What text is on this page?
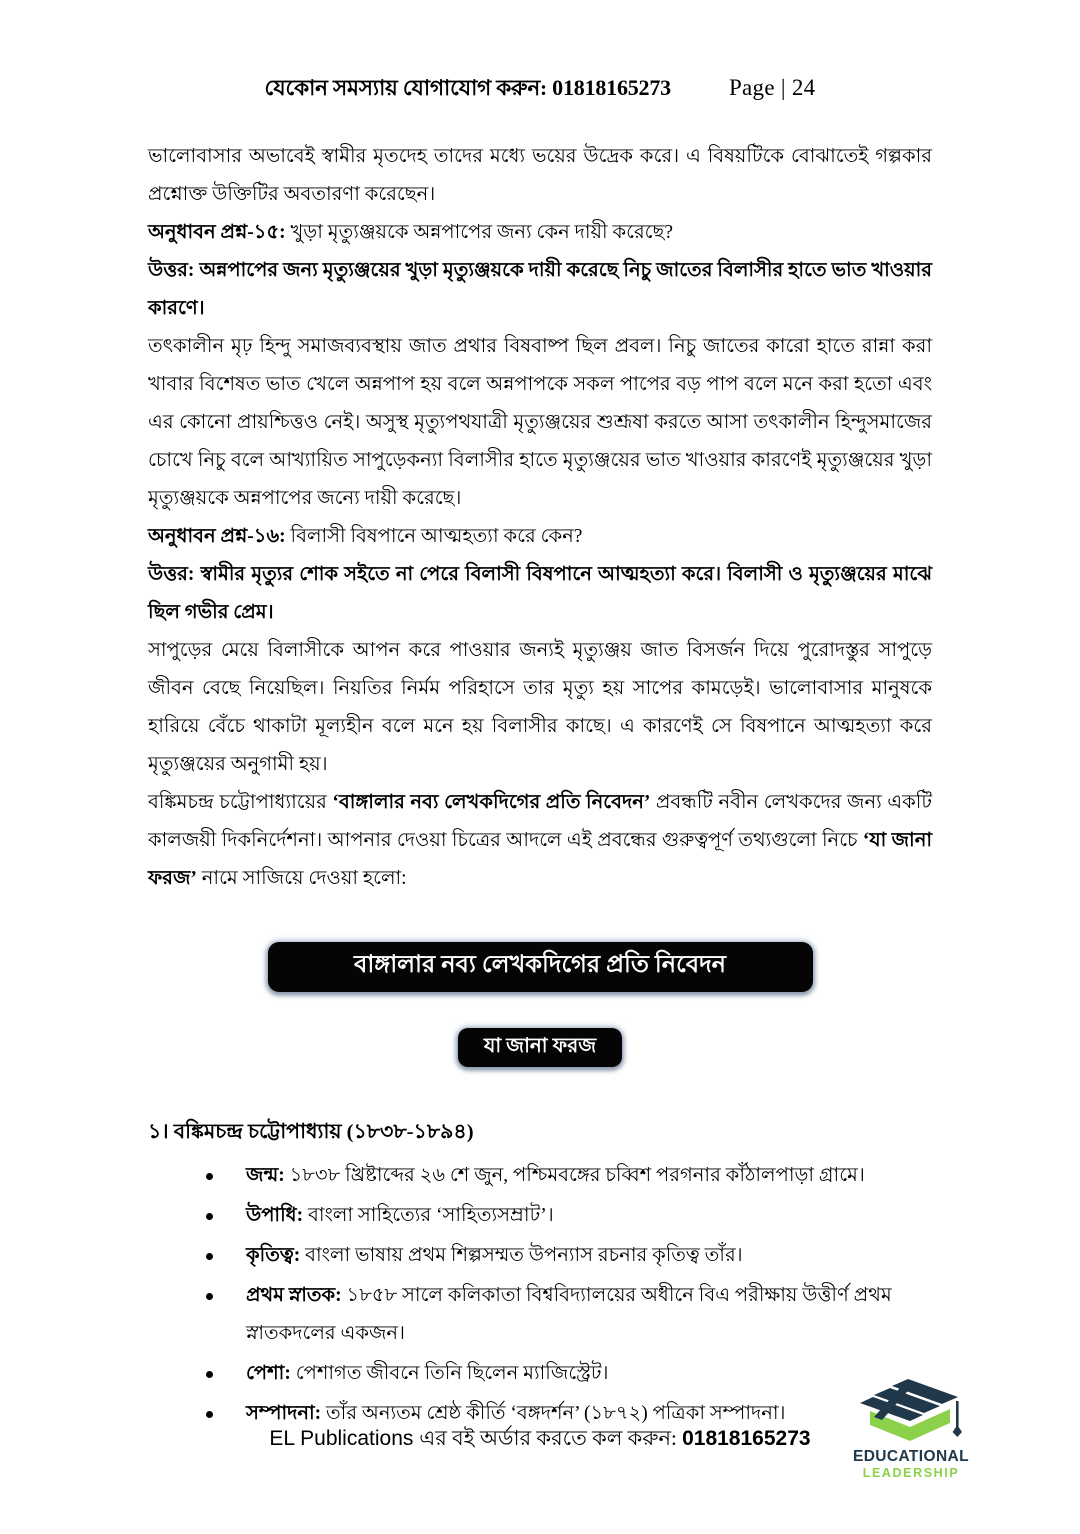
যেকোন সমস্যায় যোগাযোগ করুন: 01818165273	Page | 24

ভালোবাসার অভাবেই স্বামীর মৃতদেহ তাদের মধ্যে ভয়ের উদ্রেক করে। এ বিষয়টিকে বোঝাতেই গল্পকার প্রশ্নোক্ত উক্তিটির অবতারণা করেছেন।

অনুধাবন প্রশ্ন-১৫: খুড়া মৃত্যুঞ্জয়কে অন্নপাপের জন্য কেন দায়ী করেছে?

উত্তর: অন্নপাপের জন্য মৃত্যুঞ্জয়ের খুড়া মৃত্যুঞ্জয়কে দায়ী করেছে নিচু জাতের বিলাসীর হাতে ভাত খাওয়ার কারণে।

তৎকালীন মৃঢ় হিন্দু সমাজব্যবস্থায় জাত প্রথার বিষবাষ্প ছিল প্রবল। নিচু জাতের কারো হাতে রান্না করা খাবার বিশেষত ভাত খেলে অন্নপাপ হয় বলে অন্নপাপকে সকল পাপের বড় পাপ বলে মনে করা হতো এবং এর কোনো প্রায়শ্চিত্তও নেই। অসুস্থ মৃত্যুপথযাত্রী মৃত্যুঞ্জয়ের শুশ্রূষা করতে আসা তৎকালীন হিন্দুসমাজের চোখে নিচু বলে আখ্যায়িত সাপুড়েকন্যা বিলাসীর হাতে মৃত্যুঞ্জয়ের ভাত খাওয়ার কারণেই মৃত্যুঞ্জয়ের খুড়া মৃত্যুঞ্জয়কে অন্নপাপের জন্যে দায়ী করেছে।

অনুধাবন প্রশ্ন-১৬: বিলাসী বিষপানে আত্মহত্যা করে কেন?

উত্তর: স্বামীর মৃত্যুর শোক সইতে না পেরে বিলাসী বিষপানে আত্মহত্যা করে। বিলাসী ও মৃত্যুঞ্জয়ের মাঝে ছিল গভীর প্রেম।

সাপুড়ের মেয়ে বিলাসীকে আপন করে পাওয়ার জন্যই মৃত্যুঞ্জয় জাত বিসর্জন দিয়ে পুরোদস্তুর সাপুড়ে জীবন বেছে নিয়েছিল। নিয়তির নির্মম পরিহাসে তার মৃত্যু হয় সাপের কামড়েই। ভালোবাসার মানুষকে হারিয়ে বেঁচে থাকাটা মূল্যহীন বলে মনে হয় বিলাসীর কাছে। এ কারণেই সে বিষপানে আত্মহত্যা করে মৃত্যুঞ্জয়ের অনুগামী হয়।

বঙ্কিমচন্দ্র চট্টোপাধ্যায়ের ‘বাঙ্গালার নব্য লেখকদিগের প্রতি নিবেদন’ প্রবন্ধটি নবীন লেখকদের জন্য একটি কালজয়ী দিকনির্দেশনা। আপনার দেওয়া চিত্রের আদলে এই প্রবন্ধের গুরুত্বপূর্ণ তথ্যগুলো নিচে ‘যা জানা ফরজ’ নামে সাজিয়ে দেওয়া হলো:

বাঙ্গালার নব্য লেখকদিগের প্রতি নিবেদন
যা জানা ফরজ
১। বঙ্কিমচন্দ্র চট্টোপাধ্যায় (১৮৩৮-১৮৯৪)
জন্ম: ১৮৩৮ খ্রিষ্টাব্দের ২৬ শে জুন, পশ্চিমবঙ্গের চব্বিশ পরগনার কাঁঠালপাড়া গ্রামে।
উপাধি: বাংলা সাহিত্যের ‘সাহিত্যসম্রাট’।
কৃতিত্ব: বাংলা ভাষায় প্রথম শিল্পসম্মত উপন্যাস রচনার কৃতিত্ব তাঁর।
প্রথম স্নাতক: ১৮৫৮ সালে কলিকাতা বিশ্ববিদ্যালয়ের অধীনে বিএ পরীক্ষায় উত্তীর্ণ প্রথম স্নাতকদলের একজন।
পেশা: পেশাগত জীবনে তিনি ছিলেন ম্যাজিস্ট্রেট।
সম্পাদনা: তাঁর অন্যতম শ্রেষ্ঠ কীর্তি ‘বঙ্গদর্শন’ (১৮৭২) পত্রিকা সম্পাদনা।
EL Publications এর বই অর্ডার করতে কল করুন: 01818165273
EDUCATIONAL
LEADERSHIP
